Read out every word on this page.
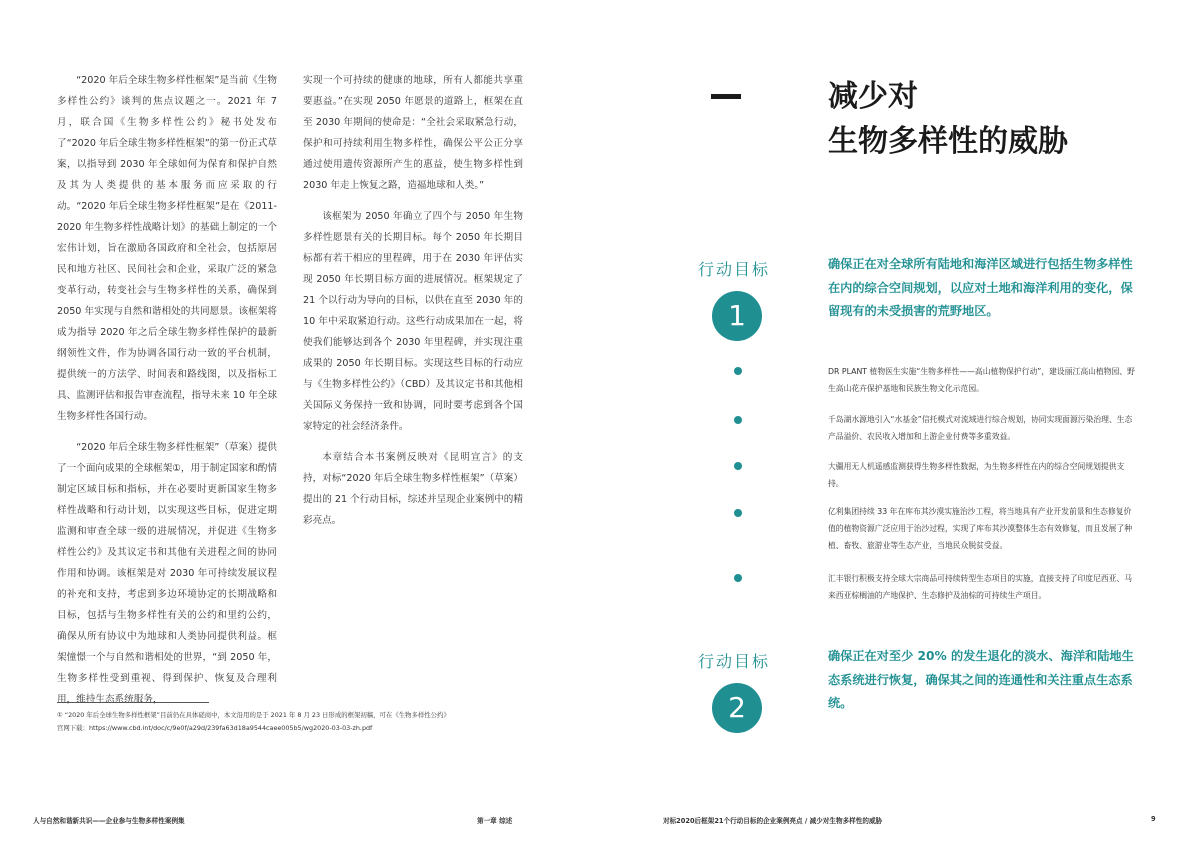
“2020 年后全球生物多样性框架”是当前《生物多样性公约》谈判的焦点议题之一。2021 年 7 月，联合国《生物多样性公约》秘书处发布了“2020 年后全球生物多样性框架”的第一份正式草案，以指导到 2030 年全球如何为保育和保护自然及其为人类提供的基本服务而应采取的行动。“2020 年后全球生物多样性框架”是在《2011-2020 年生物多样性战略计划》的基础上制定的一个宏伟计划，旨在激励各国政府和全社会，包括原居民和地方社区、民间社会和企业，采取广泛的紧急变革行动，转变社会与生物多样性的关系，确保到 2050 年实现与自然和谐相处的共同愿景。该框架将成为指导 2020 年之后全球生物多样性保护的最新纲领性文件，作为协调各国行动一致的平台机制，提供统一的方法学、时间表和路线图，以及指标工具、监测评估和报告审查流程，指导未来 10 年全球生物多样性各国行动。

“2020 年后全球生物多样性框架”（草案）提供了一个面向成果的全球框架①，用于制定国家和酌情制定区域目标和指标，并在必要时更新国家生物多样性战略和行动计划，以实现这些目标，促进定期监测和审查全球一级的进展情况，并促进《生物多样性公约》及其议定书和其他有关进程之间的协同作用和协调。该框架是对 2030 年可持续发展议程的补充和支持，考虑到多边环境协定的长期战略和目标，包括与生物多样性有关的公约和里约公约，确保从所有协议中为地球和人类协同提供利益。框架憧憬一个与自然和谐相处的世界，“到 2050 年，生物多样性受到重视、得到保护、恢复及合理利用，维持生态系统服务，

实现一个可持续的健康的地球，所有人都能共享重要惠益。”在实现 2050 年愿景的道路上，框架在直至 2030 年期间的使命是：“全社会采取紧急行动，保护和可持续利用生物多样性，确保公平公正分享通过使用遗传资源所产生的惠益，使生物多样性到 2030 年走上恢复之路，造福地球和人类。”

该框架为 2050 年确立了四个与 2050 年生物多样性愿景有关的长期目标。每个 2050 年长期目标都有若干相应的里程碑，用于在 2030 年评估实现 2050 年长期目标方面的进展情况。框架规定了 21 个以行动为导向的目标，以供在直至 2030 年的 10 年中采取紧迫行动。这些行动成果加在一起，将使我们能够达到各个 2030 年里程碑，并实现注重成果的 2050 年长期目标。实现这些目标的行动应与《生物多样性公约》（CBD）及其议定书和其他相关国际义务保持一致和协调，同时要考虑到各个国家特定的社会经济条件。

本章结合本书案例反映对《昆明宣言》的支持，对标“2020 年后全球生物多样性框架”（草案）提出的 21 个行动目标，综述并呈现企业案例中的精彩亮点。

① “2020 年后全球生物多样性框架”目前仍在具体磋商中，本文沿用的是于 2021 年 8 月 23 日形成的框架初稿，可在《生物多样性公约》
官网下载：https://www.cbd.int/doc/c/9e0f/a29d/239fa63d18a9544caee005b5/wg2020-03-03-zh.pdf
人与自然和谐新共识——企业参与生物多样性案例集	第一章 综述	对标2020后框架21个行动目标的企业案例亮点 / 减少对生物多样性的威胁	9
减少对
生物多样性的威胁
行动目标
1
确保正在对全球所有陆地和海洋区域进行包括生物多样性在内的综合空间规划，以应对土地和海洋利用的变化，保留现有的未受损害的荒野地区。
DR PLANT 植物医生实施“生物多样性——高山植物保护行动”，建设丽江高山植物园、野生高山花卉保护基地和民族生物文化示范园。
千岛湖水源地引入“水基金”信托模式对流域进行综合规划，协同实现面源污染治理、生态产品溢价、农民收入增加和上游企业付费等多重效益。
大疆用无人机遥感监测获得生物多样性数据，为生物多样性在内的综合空间规划提供支持。
亿利集团持续 33 年在库布其沙漠实施治沙工程，将当地具有产业开发前景和生态修复价值的植物资源广泛应用于治沙过程，实现了库布其沙漠整体生态有效修复，而且发展了种植、畜牧、旅游业等生态产业，当地民众脱贫受益。
汇丰银行积极支持全球大宗商品可持续转型生态项目的实施，直接支持了印度尼西亚、马来西亚棕榈油的产地保护、生态修护及油棕的可持续生产项目。
行动目标
2
确保正在对至少 20% 的发生退化的淡水、海洋和陆地生态系统进行恢复，确保其之间的连通性和关注重点生态系统。
